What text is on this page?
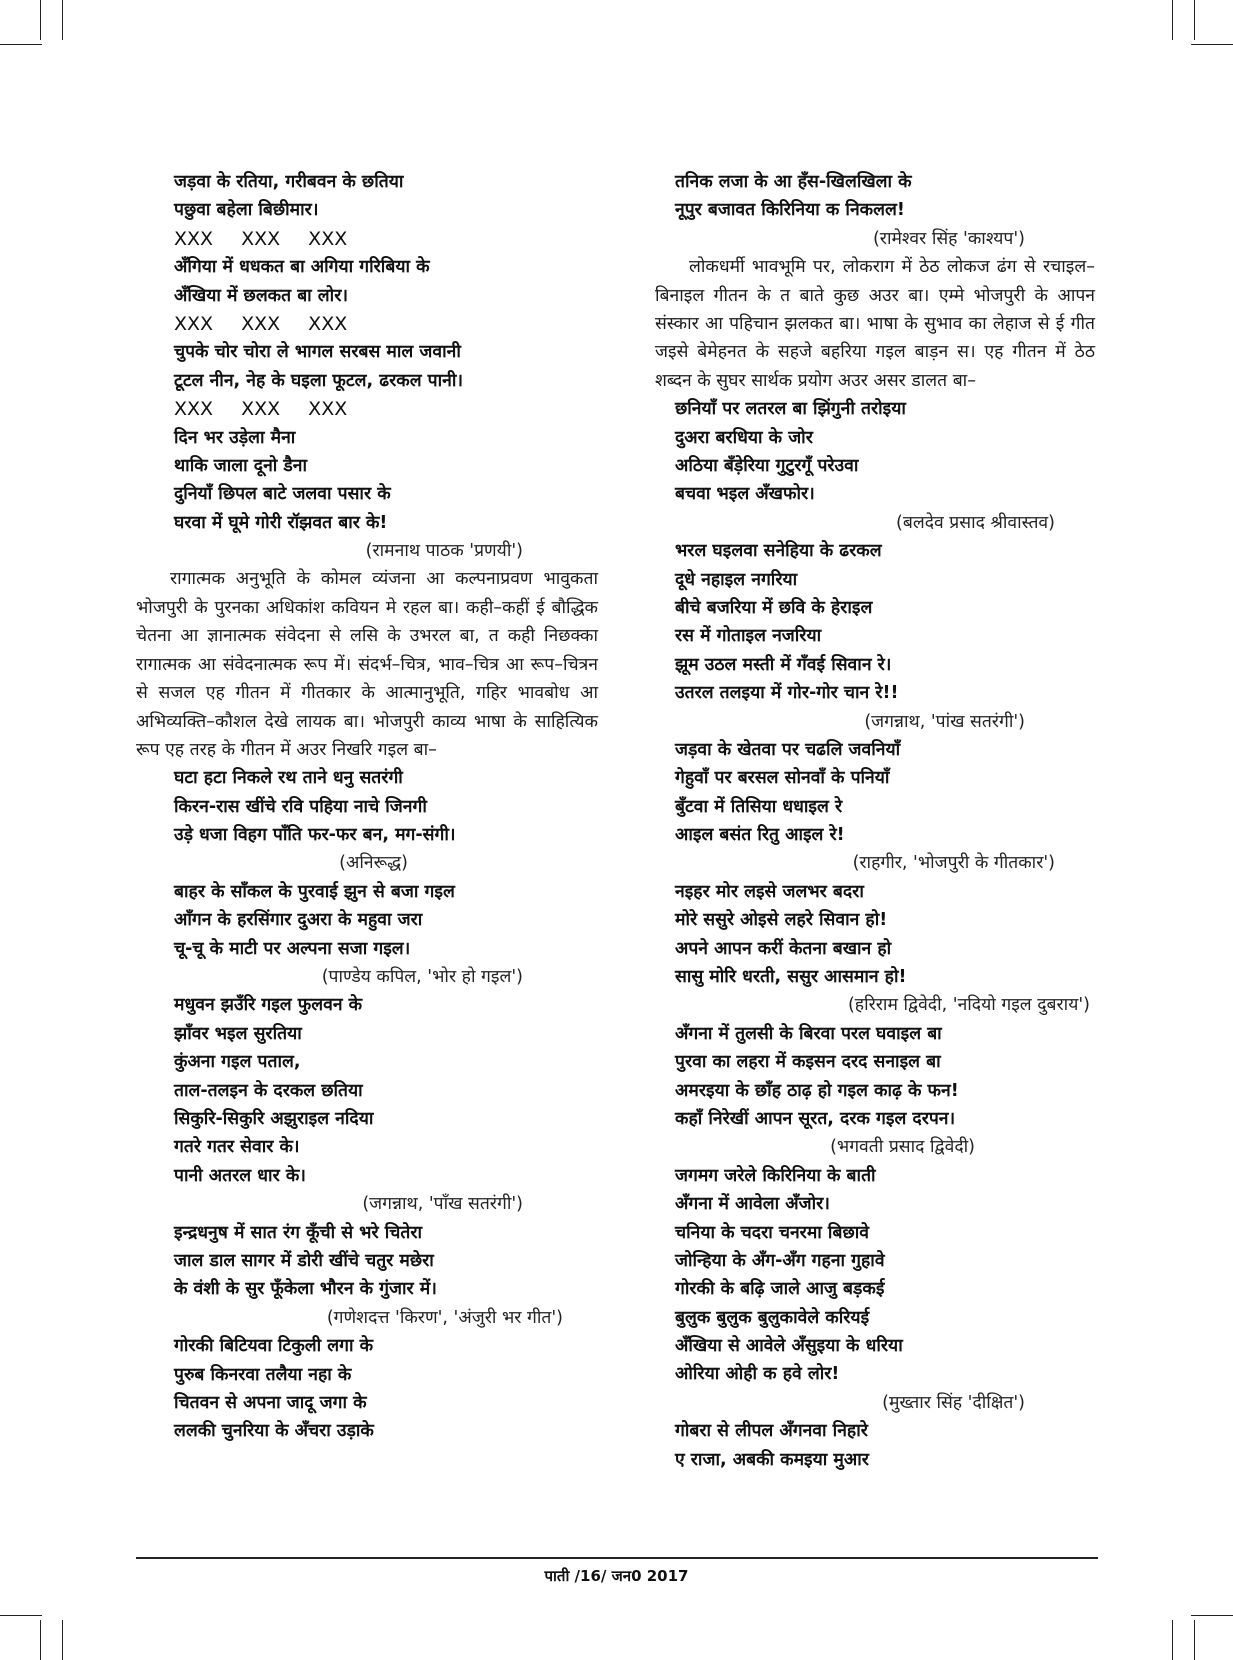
जड़वा के रतिया, गरीबवन के छतिया
पछुवा बहेला बिछीमार।
XXX XXX XXX
अँगिया में धधकत बा अगिया गरिबिया के
अँखिया में छलकत बा लोर।
XXX XXX XXX
चुपके चोर चोरा ले भागल सरबस माल जवानी
टूटल नीन, नेह के घइला फूटल, ढरकल पानी।
XXX XXX XXX
दिन भर उड़ेला मैना
थाकि जाला दूनो डैना
दुनियाँ छिपल बाटे जलवा पसार के
घरवा में घूमे गोरी रॉझवत बार के!
(रामनाथ पाठक 'प्रणयी')
रागात्मक अनुभूति के कोमल व्यंजना आ कल्पनाप्रवण भावुकता भोजपुरी के पुरनका अधिकांश कवियन मे रहल बा। कही–कहीं ई बौद्धिक चेतना आ ज्ञानात्मक संवेदना से लसि के उभरल बा, त कही निछक्का रागात्मक आ संवेदनात्मक रूप में। संदर्भ–चित्र, भाव–चित्र आ रूप–चित्रन से सजल एह गीतन में गीतकार के आत्मानुभूति, गहिर भावबोध आ अभिव्यक्ति–कौशल देखे लायक बा। भोजपुरी काव्य भाषा के साहित्यिक रूप एह तरह के गीतन में अउर निखरि गइल बा–
घटा हटा निकले रथ ताने धनु सतरंगी
किरन-रास खींचे रवि पहिया नाचे जिनगी
उड़े धजा विहग पाँति फर-फर बन, मग-संगी।
(अनिरूद्ध)
बाहर के साँकल के पुरवाई झुन से बजा गइल
आँगन के हरसिंगार दुअरा के महुवा जरा
चू-चू के माटी पर अल्पना सजा गइल।
(पाण्डेय कपिल, 'भोर हो गइल')
मधुवन झउँरि गइल फुलवन के
झाँवर भइल सुरतिया
कुंअना गइल पताल,
ताल-तलइन के दरकल छतिया
सिकुरि-सिकुरि अझुराइल नदिया
गतरे गतर सेवार के।
पानी अतरल धार के।
(जगन्नाथ, 'पाँख सतरंगी')
इन्द्रधनुष में सात रंग कूँची से भरे चितेरा
जाल डाल सागर में डोरी खींचे चतुर मछेरा
के वंशी के सुर फूँकेला भौरन के गुंजार में।
(गणेशदत्त 'किरण', 'अंजुरी भर गीत')
गोरकी बिटियवा टिकुली लगा के
पुरुब किनरवा तलैया नहा के
चितवन से अपना जादू जगा के
ललकी चुनरिया के अँचरा उड़ाके
तनिक लजा के आ हँस-खिलखिला के
नूपुर बजावत किरिनिया क निकलल!
(रामेश्वर सिंह 'काश्यप')
लोकधर्मी भावभूमि पर, लोकराग में ठेठ लोकज ढंग से रचाइल–बिनाइल गीतन के त बाते कुछ अउर बा। एम्मे भोजपुरी के आपन संस्कार आ पहिचान झलकत बा। भाषा के सुभाव का लेहाज से ई गीत जइसे बेमेहनत के सहजे बहरिया गइल बाड़न स। एह गीतन में ठेठ शब्दन के सुघर सार्थक प्रयोग अउर असर डालत बा–
छनियाँ पर लतरल बा झिंगुनी तरोइया
दुअरा बरधिया के जोर
अठिया बँड़ेरिया गुटुरगूँ परेउवा
बचवा भइल अँखफोर।
(बलदेव प्रसाद श्रीवास्तव)
भरल घइलवा सनेहिया के ढरकल
दूधे नहाइल नगरिया
बीचे बजरिया में छवि के हेराइल
रस में गोताइल नजरिया
झूम उठल मस्ती में गँवई सिवान रे।
उतरल तलइया में गोर-गोर चान रे!!
(जगन्नाथ, 'पांख सतरंगी')
जड़वा के खेतवा पर चढलि जवनियाँ
गेहुवाँ पर बरसल सोनवाँ के पनियाँ
बुँटवा में तिसिया धधाइल रे
आइल बसंत रितु आइल रे!
(राहगीर, 'भोजपुरी के गीतकार')
नइहर मोर लइसे जलभर बदरा
मोरे ससुरे ओइसे लहरे सिवान हो!
अपने आपन करीं केतना बखान हो
सासु मोरि धरती, ससुर आसमान हो!
(हरिराम द्विवेदी, 'नदियो गइल दुबराय')
अँगना में तुलसी के बिरवा परल घवाइल बा
पुरवा का लहरा में कइसन दरद सनाइल बा
अमरइया के छाँह ठाढ़ हो गइल काढ़ के फन!
कहाँ निरेखीं आपन सूरत, दरक गइल दरपन।
(भगवती प्रसाद द्विवेदी)
जगमग जरेले किरिनिया के बाती
अँगना में आवेला अँजोर।
चनिया के चदरा चनरमा बिछावे
जोन्हिया के अँग-अँग गहना गुहावे
गोरकी के बढ़ि जाले आजु बड़कई
बुलुक बुलुक बुलुकावेले करियई
अँखिया से आवेले अँसुइया के धरिया
ओरिया ओही क हवे लोर!
(मुख्तार सिंह 'दीक्षित')
गोबरा से लीपल अँगनवा निहारे
ए राजा, अबकी कमइया मुआर
पाती /16/ जन0 2017
